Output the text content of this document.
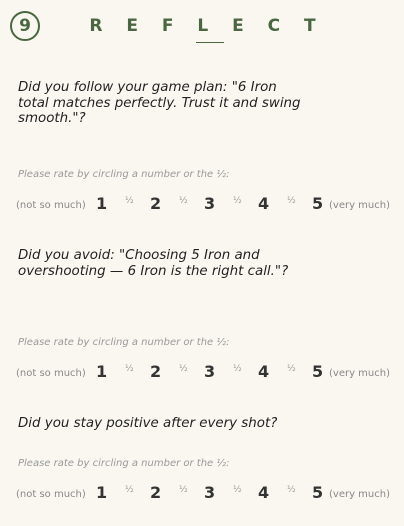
9	R E F L E C T
Did you follow your game plan: "6 Iron total matches perfectly. Trust it and swing smooth."?
Please rate by circling a number or the ½:
(not so much) 1 ½ 2 ½ 3 ½ 4 ½ 5 (very much)
Did you avoid: "Choosing 5 Iron and overshooting — 6 Iron is the right call."?
Please rate by circling a number or the ½:
(not so much) 1 ½ 2 ½ 3 ½ 4 ½ 5 (very much)
Did you stay positive after every shot?
Please rate by circling a number or the ½:
(not so much) 1 ½ 2 ½ 3 ½ 4 ½ 5 (very much)
